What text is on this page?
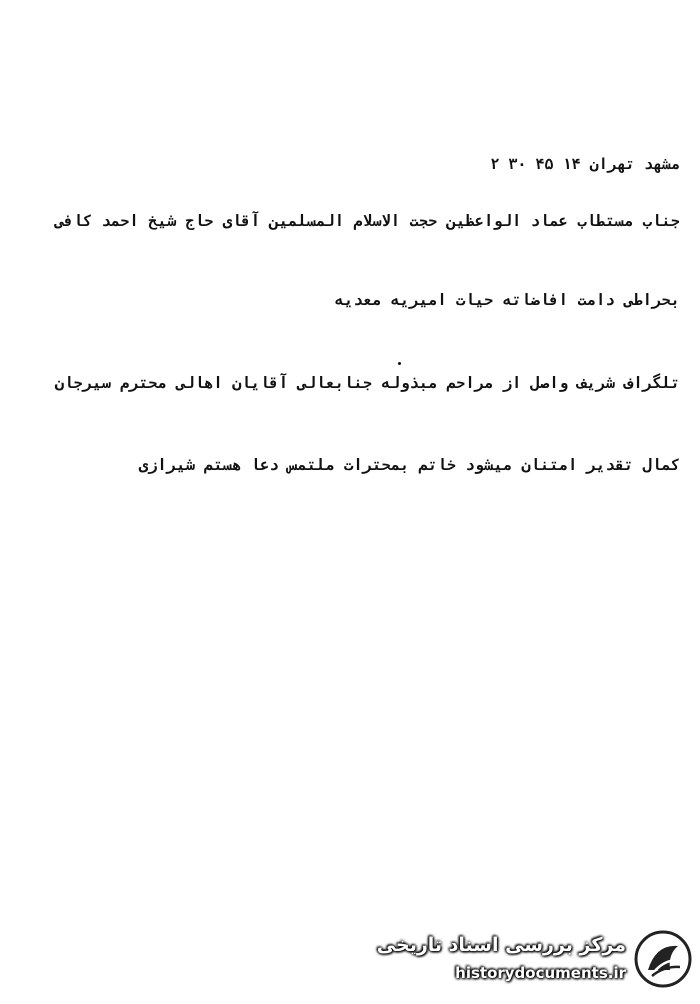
مشهد تهران ۱۴ ۴۵ ۳۰ ۲
جناب مستطاب عماد الواعظین حجت الاسلام المسلمین آقای حاج شیخ احمد کافی
بحراطی دامت افاضاته حیات امیریه معدیه
تلگراف شریف واصل از مراحم مبذوله جنابعالی آقایان اهالی محترم سیرجان
کمال تقدیر امتنان میشود خاتم بمحترات ملتمس دعا هستم شیرازی
مرکز بررسی اسناد تاریخی
historydocuments.ir
